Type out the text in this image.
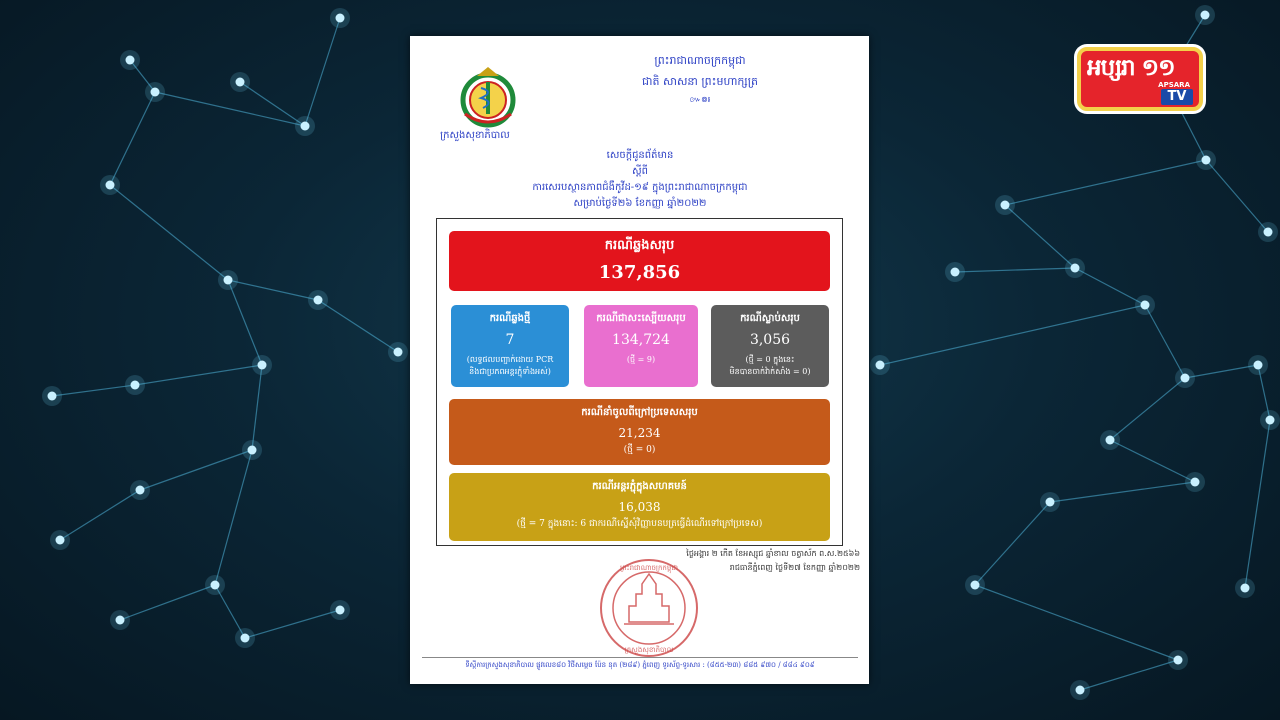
អប្សរា ១១
APSARA
TV
ក្រសួងសុខាភិបាល
ព្រះរាជាណាចក្រកម្ពុជា
ជាតិ សាសនា ព្រះមហាក្សត្រ
៚៙៛
សេចក្តីជូនព័ត៌មាន
ស្តីពី
ការសេរបស្ថានភាពជំងឺកូវីដ-១៩ ក្នុងព្រះរាជាណាចក្រកម្ពុជា
សម្រាប់ថ្ងៃទី២៦ ខែកញ្ញា ឆ្នាំ២០២២
ករណីឆ្លងសរុប
137,856
ករណីឆ្លងថ្មី
7
(លទ្ធផលបញ្ជាក់ដោយ PCR
និងជាប្រភពអន្តរភ្ជុំទាំងអស់)
ករណីជាសះស្បើយសរុប
134,724
(ថ្មី = 9)
ករណីស្លាប់សរុប
3,056
(ថ្មី = 0 ក្នុងនេះ
មិនបានចាក់វ៉ាក់សាំង = 0)
ករណីនាំចូលពីក្រៅប្រទេសសរុប
21,234
(ថ្មី = 0)
ករណីអន្តរភ្ជុំក្នុងសហគមន៍
16,038
(ថ្មី = 7 ក្នុងនោះ: 6 ជាករណីស្នើសុំវិញ្ញាបនបត្រធ្វើដំណើរទៅក្រៅប្រទេស)
ថ្ងៃអង្គារ ២ កើត ខែអស្សុជ ឆ្នាំខាល ចត្វាស័ក ព.ស.២៥៦៦
រាជធានីភ្នំពេញ ថ្ងៃទី២៧ ខែកញ្ញា ឆ្នាំ២០២២
ព្រះរាជាណាចក្រកម្ពុជា
ក្រសួងសុខាភិបាល
ទីស្តីការក្រសួងសុខាភិបាល ផ្លូវលេខ៨០ វិថីសម្តេច ប៉ែន នុត (២៨៩) ភ្នំពេញ ទូរស័ព្ទ-ទូរសារ : (៨៥៥-២៣) ៨៨៥ ៩៧០ / ៨៨៤ ៩០៩
